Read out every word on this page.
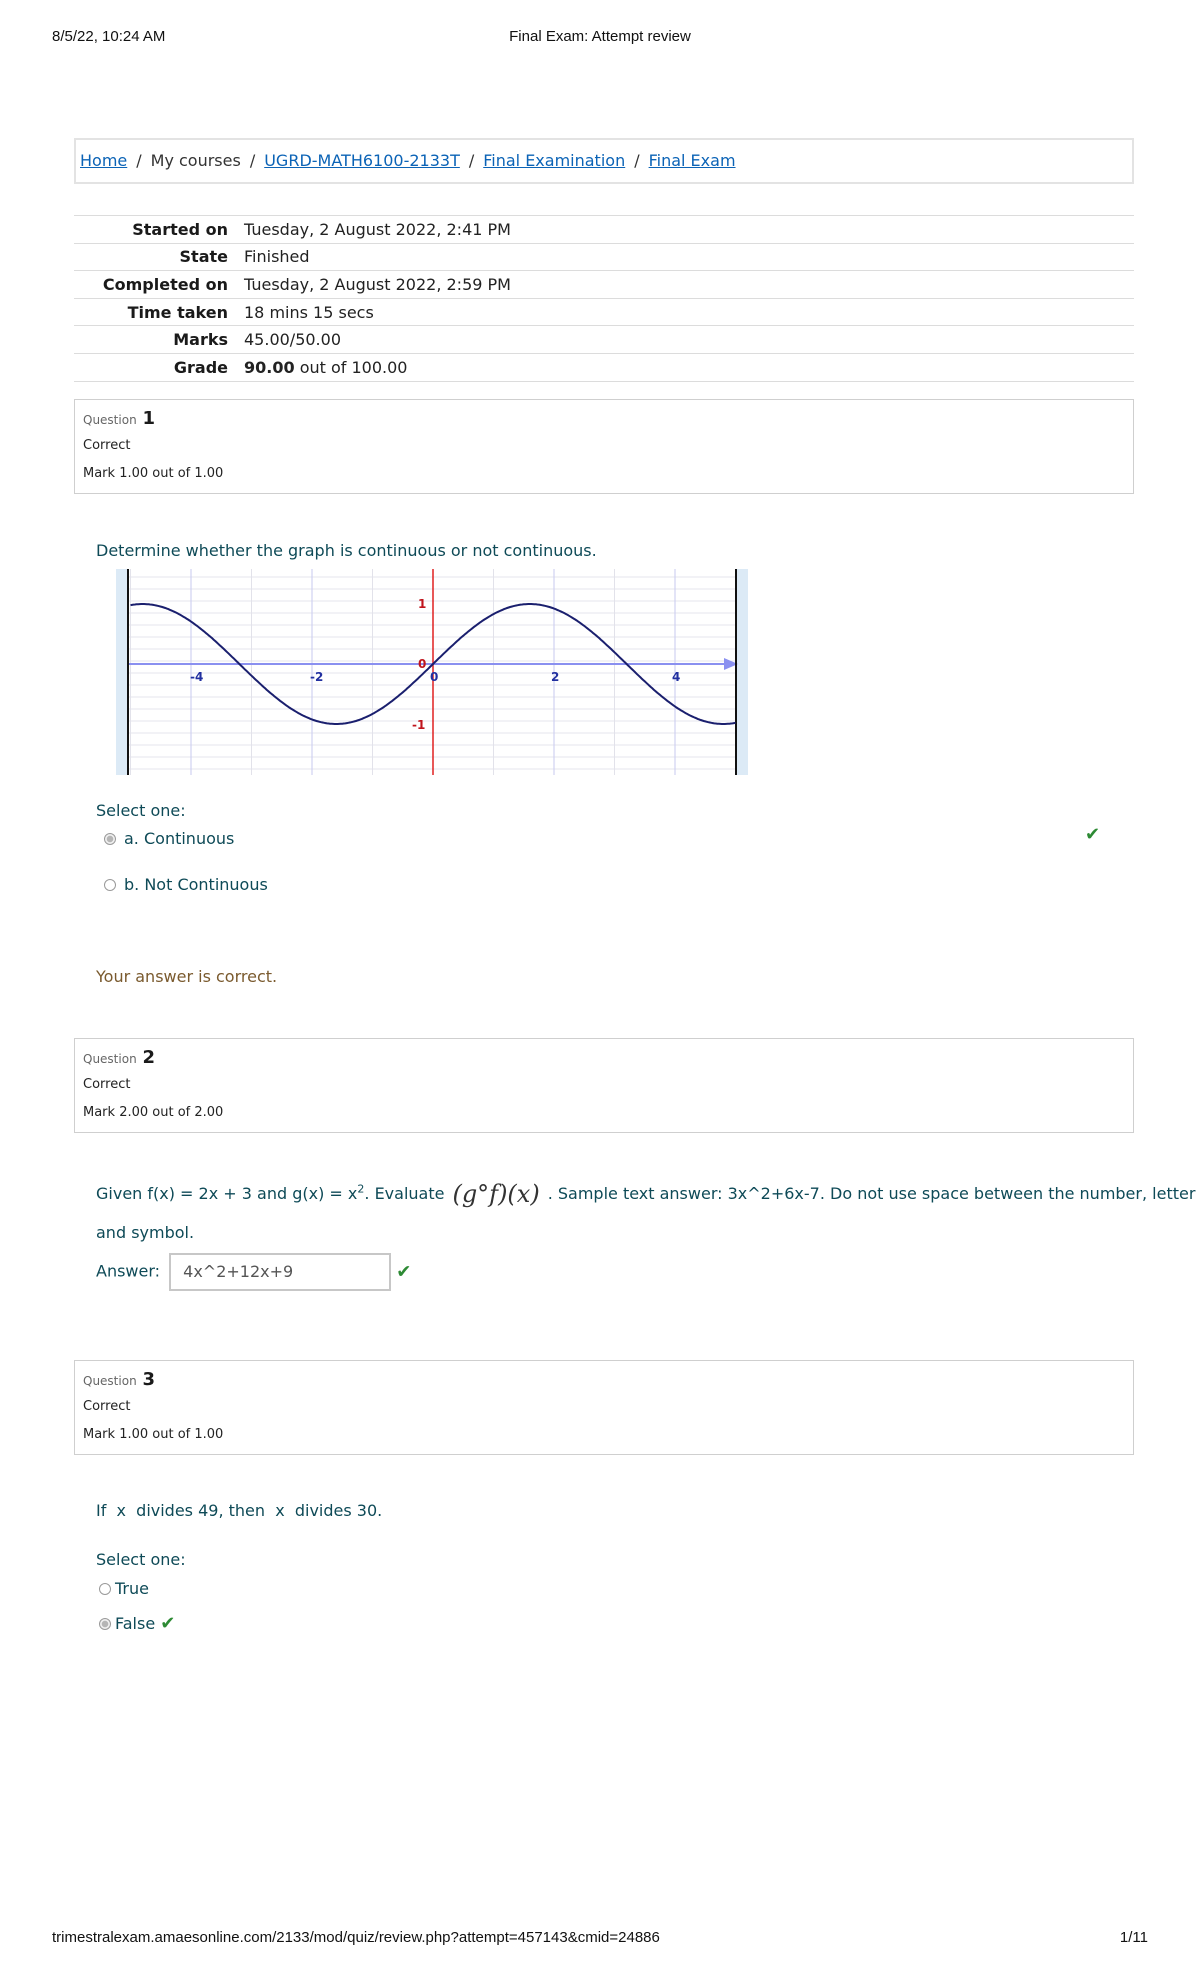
8/5/22, 10:24 AM	Final Exam: Attempt review
Home / My courses / UGRD-MATH6100-2133T / Final Examination / Final Exam
Started on	Tuesday, 2 August 2022, 2:41 PM
State	Finished
Completed on	Tuesday, 2 August 2022, 2:59 PM
Time taken	18 mins 15 secs
Marks	45.00/50.00
Grade	90.00 out of 100.00
Question 1
Correct
Mark 1.00 out of 1.00
Determine whether the graph is continuous or not continuous.
-4	-2	0	2	4
1
0
-1
Select one:
a. Continuous	✔
b. Not Continuous
Your answer is correct.
Question 2
Correct
Mark 2.00 out of 2.00
Given f(x) = 2x + 3 and $g(x) = x^2$. Evaluate (g°f)(x) . Sample text answer: 3x^2+6x-7. Do not use space between the number, letter
and symbol.
Answer: 4x^2+12x+9	✔
Question 3
Correct
Mark 1.00 out of 1.00
If  x  divides 49, then  x  divides 30.
Select one:
True
False ✔
trimestralexam.amaesonline.com/2133/mod/quiz/review.php?attempt=457143&cmid=24886	1/11
